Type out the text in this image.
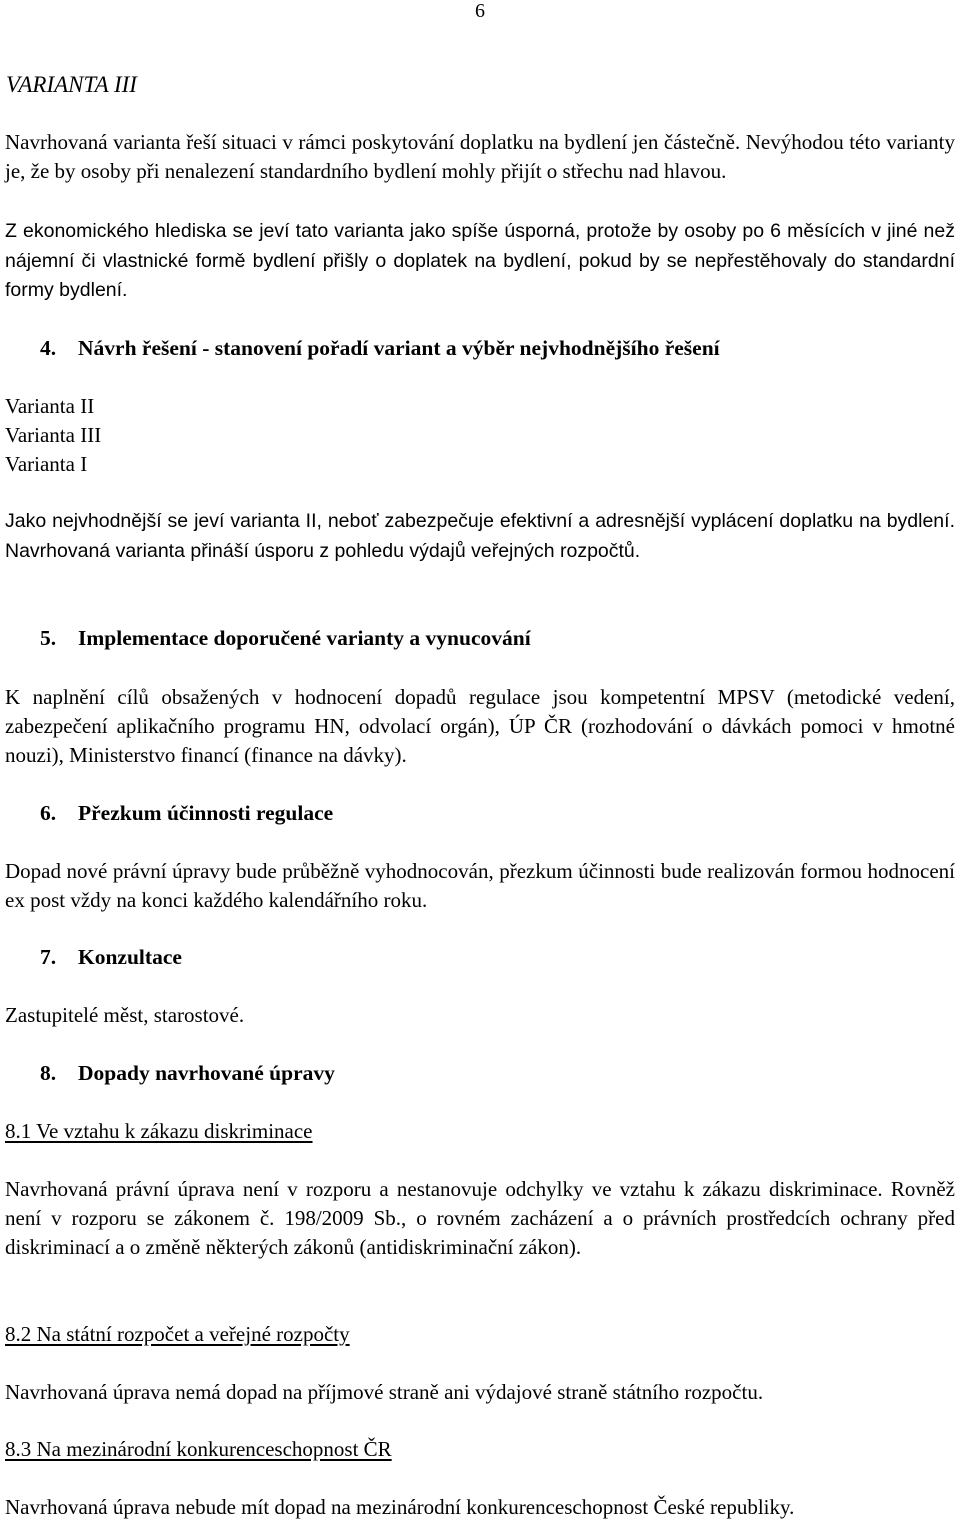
6
VARIANTA III

Navrhovaná varianta řeší situaci v rámci poskytování doplatku na bydlení jen částečně. Nevýhodou této varianty je, že by osoby při nenalezení standardního bydlení mohly přijít o střechu nad hlavou.

Z ekonomického hlediska se jeví tato varianta jako spíše úsporná, protože by osoby po 6 měsících v jiné než nájemní či vlastnické formě bydlení přišly o doplatek na bydlení, pokud by se nepřestěhovaly do standardní formy bydlení.

4. Návrh řešení - stanovení pořadí variant a výběr nejvhodnějšího řešení
Varianta II
Varianta III
Varianta I

Jako nejvhodnější se jeví varianta II, neboť zabezpečuje efektivní a adresnější vyplácení doplatku na bydlení. Navrhovaná varianta přináší úsporu z pohledu výdajů veřejných rozpočtů.

5. Implementace doporučené varianty a vynucování

K naplnění cílů obsažených v hodnocení dopadů regulace jsou kompetentní MPSV (metodické vedení, zabezpečení aplikačního programu HN, odvolací orgán), ÚP ČR (rozhodování o dávkách pomoci v hmotné nouzi), Ministerstvo financí (finance na dávky).

6. Přezkum účinnosti regulace

Dopad nové právní úpravy bude průběžně vyhodnocován, přezkum účinnosti bude realizován formou hodnocení ex post vždy na konci každého kalendářního roku.

7. Konzultace

Zastupitelé měst, starostové.

8. Dopady navrhované úpravy
8.1 Ve vztahu k zákazu diskriminace

Navrhovaná právní úprava není v rozporu a nestanovuje odchylky ve vztahu k zákazu diskriminace. Rovněž není v rozporu se zákonem č. 198/2009 Sb., o rovném zacházení a o právních prostředcích ochrany před diskriminací a o změně některých zákonů (antidiskriminační zákon).

8.2 Na státní rozpočet a veřejné rozpočty

Navrhovaná úprava nemá dopad na příjmové straně ani výdajové straně státního rozpočtu.

8.3 Na mezinárodní konkurenceschopnost ČR

Navrhovaná úprava nebude mít dopad na mezinárodní konkurenceschopnost České republiky.
